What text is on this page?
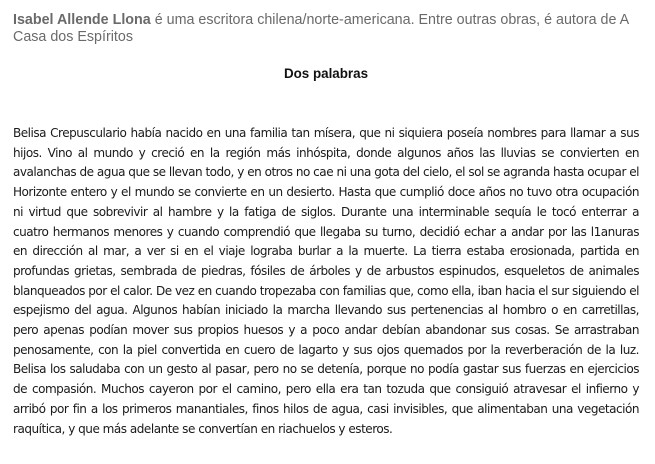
Isabel Allende Llona é uma escritora chilena/norte-americana. Entre outras obras, é autora de A Casa dos Espíritos

Dos palabras

Belisa Crepusculario había nacido en una familia tan mísera, que ni siquiera poseía nombres para llamar a sus hijos. Vino al mundo y creció en la región más inhóspita, donde algunos años las lluvias se convierten en avalanchas de agua que se llevan todo, y en otros no cae ni una gota del cielo, el sol se agranda hasta ocupar el Horizonte entero y el mundo se convierte en un desierto. Hasta que cumplió doce años no tuvo otra ocupación ni virtud que sobrevivir al hambre y la fatiga de siglos. Durante una interminable sequía le tocó enterrar a cuatro hermanos menores y cuando comprendió que llegaba su turno, decidió echar a andar por las l1anuras en dirección al mar, a ver si en el viaje lograba burlar a la muerte. La tierra estaba erosionada, partida en profundas grietas, sembrada de piedras, fósiles de árboles y de arbustos espinudos, esqueletos de animales blanqueados por el calor. De vez en cuando tropezaba con familias que, como ella, iban hacia el sur siguiendo el espejismo del agua. Algunos habían iniciado la marcha llevando sus pertenencias al hombro o en carretillas, pero apenas podían mover sus propios huesos y a poco andar debían abandonar sus cosas. Se arrastraban penosamente, con la piel convertida en cuero de lagarto y sus ojos quemados por la reverberación de la luz. Belisa los saludaba con un gesto al pasar, pero no se detenía, porque no podía gastar sus fuerzas en ejercicios de compasión. Muchos cayeron por el camino, pero ella era tan tozuda que consiguió atravesar el infierno y arribó por fin a los primeros manantiales, finos hilos de agua, casi invisibles, que alimentaban una vegetación raquítica, y que más adelante se convertían en riachuelos y esteros.
